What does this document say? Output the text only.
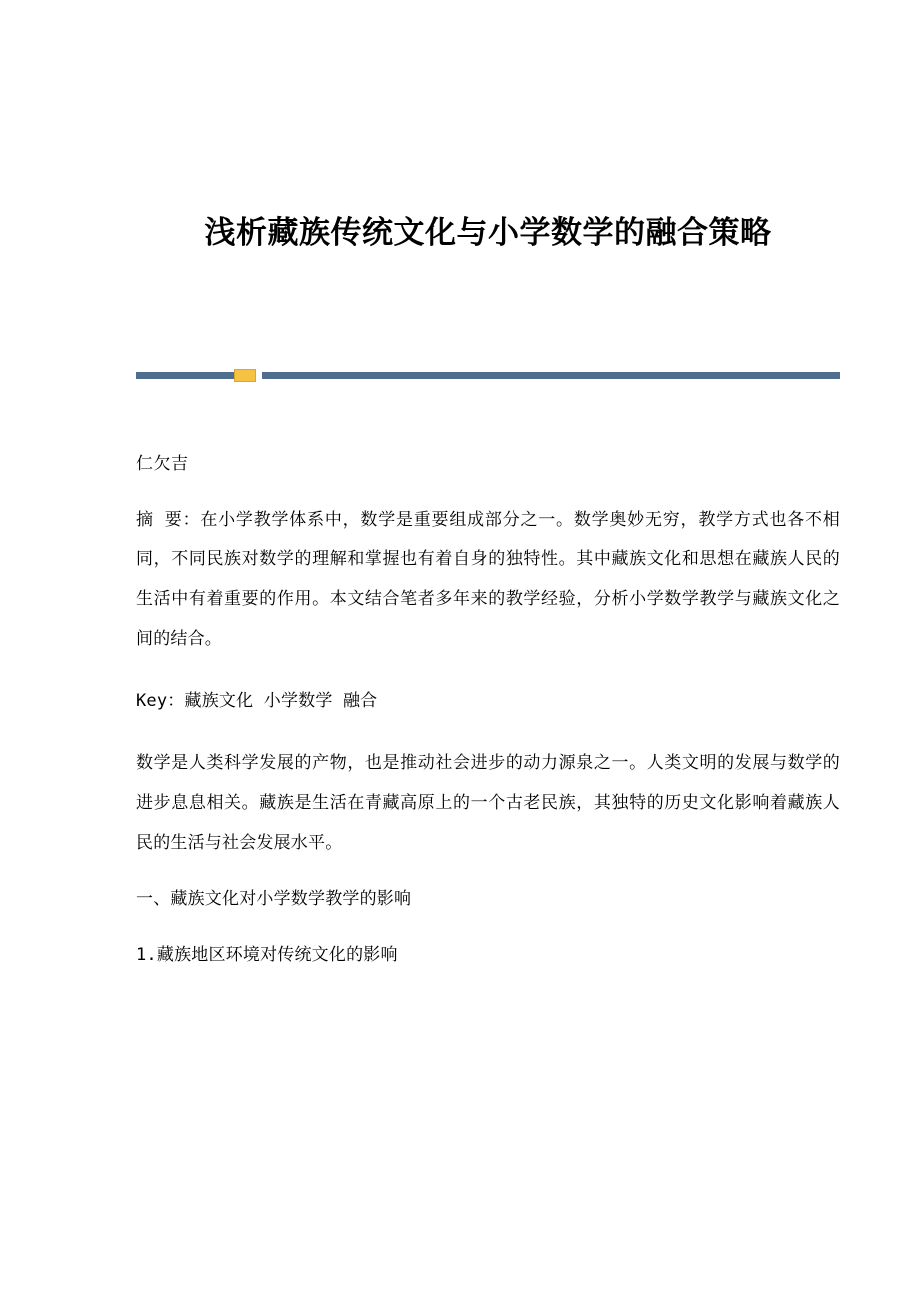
浅析藏族传统文化与小学数学的融合策略
仁欠吉

摘 要：在小学教学体系中，数学是重要组成部分之一。数学奥妙无穷，教学方式也各不相同，不同民族对数学的理解和掌握也有着自身的独特性。其中藏族文化和思想在藏族人民的生活中有着重要的作用。本文结合笔者多年来的教学经验，分析小学数学教学与藏族文化之间的结合。

Key：藏族文化 小学数学 融合

数学是人类科学发展的产物，也是推动社会进步的动力源泉之一。人类文明的发展与数学的进步息息相关。藏族是生活在青藏高原上的一个古老民族，其独特的历史文化影响着藏族人民的生活与社会发展水平。

一、藏族文化对小学数学教学的影响

1.藏族地区环境对传统文化的影响
